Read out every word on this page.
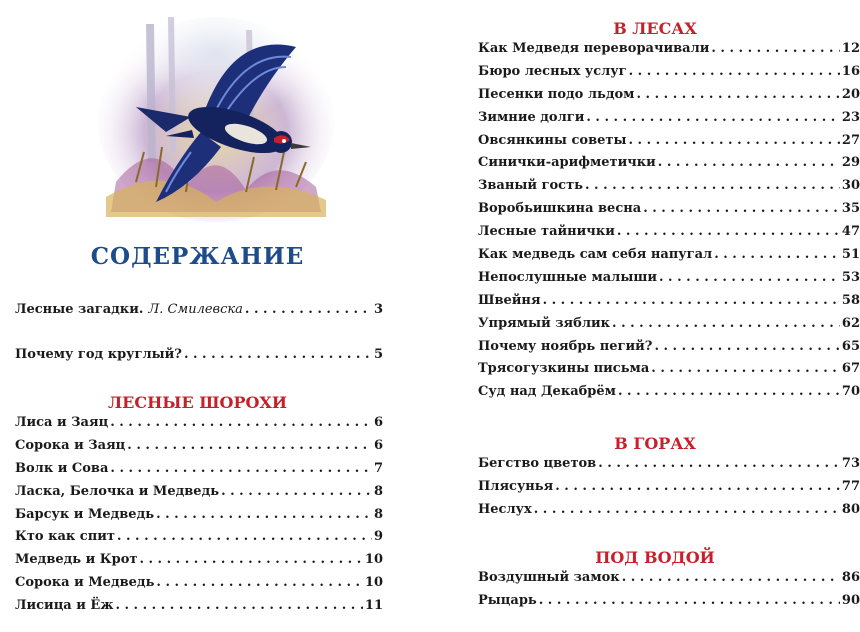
СОДЕРЖАНИЕ
Лесные загадки. Л. Смилевска . . .	3
Почему год круглый? . . .	5
ЛЕСНЫЕ ШОРОХИ
Лиса и Заяц . . .	6
Сорока и Заяц . . .	6
Волк и Сова . . .	7
Ласка, Белочка и Медведь . . .	8
Барсук и Медведь . . .	8
Кто как спит . . .	9
Медведь и Крот . . .	10
Сорока и Медведь . . .	10
Лисица и Ёж . . .	11
В ЛЕСАХ
Как Медведя переворачивали . . .	12
Бюро лесных услуг . . .	16
Песенки подо льдом . . .	20
Зимние долги . . .	23
Овсянкины советы . . .	27
Синички-арифметички . . .	29
Званый гость . . .	30
Воробьишкина весна . . .	35
Лесные тайнички . . .	47
Как медведь сам себя напугал . . .	51
Непослушные малыши . . .	53
Швейня . . .	58
Упрямый зяблик . . .	62
Почему ноябрь пегий? . . .	65
Трясогузкины письма . . .	67
Суд над Декабрём . . .	70
В ГОРАХ
Бегство цветов . . .	73
Плясунья . . .	77
Неслух . . .	80
ПОД ВОДОЙ
Воздушный замок . . .	86
Рыцарь . . .	90
